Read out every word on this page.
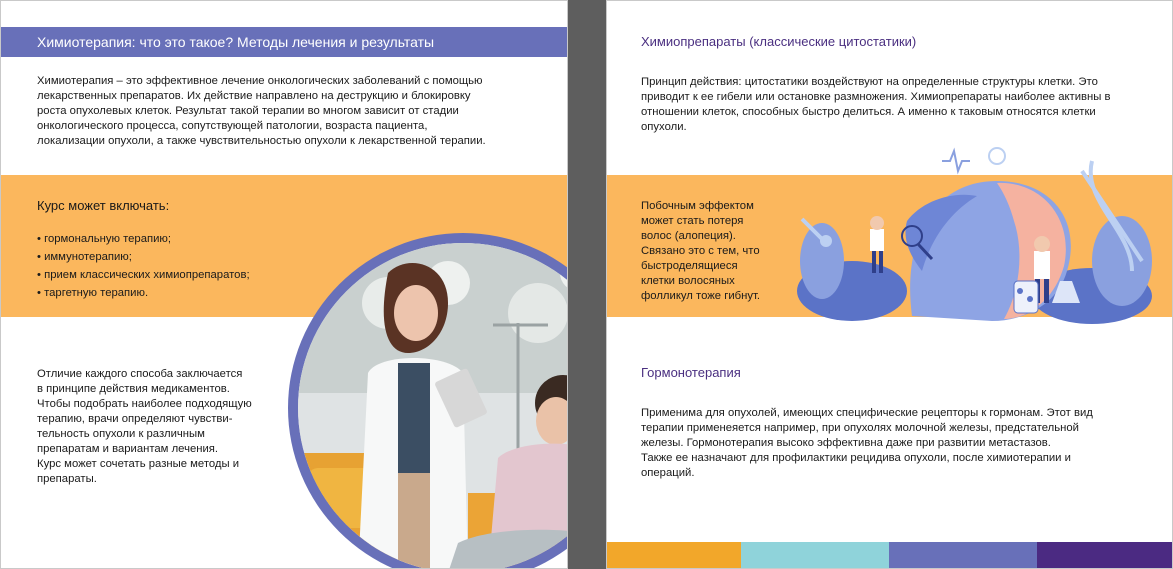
Химиотерапия: что это такое? Методы лечения и результаты
Химиотерапия – это эффективное лечение онкологических заболеваний с помощью
лекарственных препаратов. Их действие направлено на деструкцию и блокировку
роста опухолевых клеток. Результат такой терапии во многом зависит от стадии
онкологического процесса, сопутствующей патологии, возраста пациента,
локализации опухоли, а также чувствительностью опухоли к лекарственной терапии.
Курс может включать:
• гормональную терапию;
• иммунотерапию;
• прием классических химиопрепаратов;
• таргетную терапию.
Отличие каждого способа заключается
в принципе действия медикаментов.
Чтобы подобрать наиболее подходящую
терапию, врачи определяют чувстви-
тельность опухоли к различным
препаратам и вариантам лечения.
Курс может сочетать разные методы и
препараты.
Химиопрепараты (классические цитостатики)
Принцип действия: цитостатики воздействуют на определенные структуры клетки. Это
приводит к ее гибели или остановке размножения. Химиопрепараты наиболее активны в
отношении клеток, способных быстро делиться. А именно к таковым относятся клетки
опухоли.
Побочным эффектом
может стать потеря
волос (алопеция).
Связано это с тем, что
быстроделящиеся
клетки волосяных
фолликул тоже гибнут.
Гормонотерапия
Применима для опухолей, имеющих специфические рецепторы к гормонам. Этот вид
терапии применеяется например, при опухолях молочной железы, предстательной
железы. Гормонотерапия высоко эффективна даже при развитии метастазов.
Также ее назначают для профилактики рецидива опухоли, после химиотерапии и
операций.
